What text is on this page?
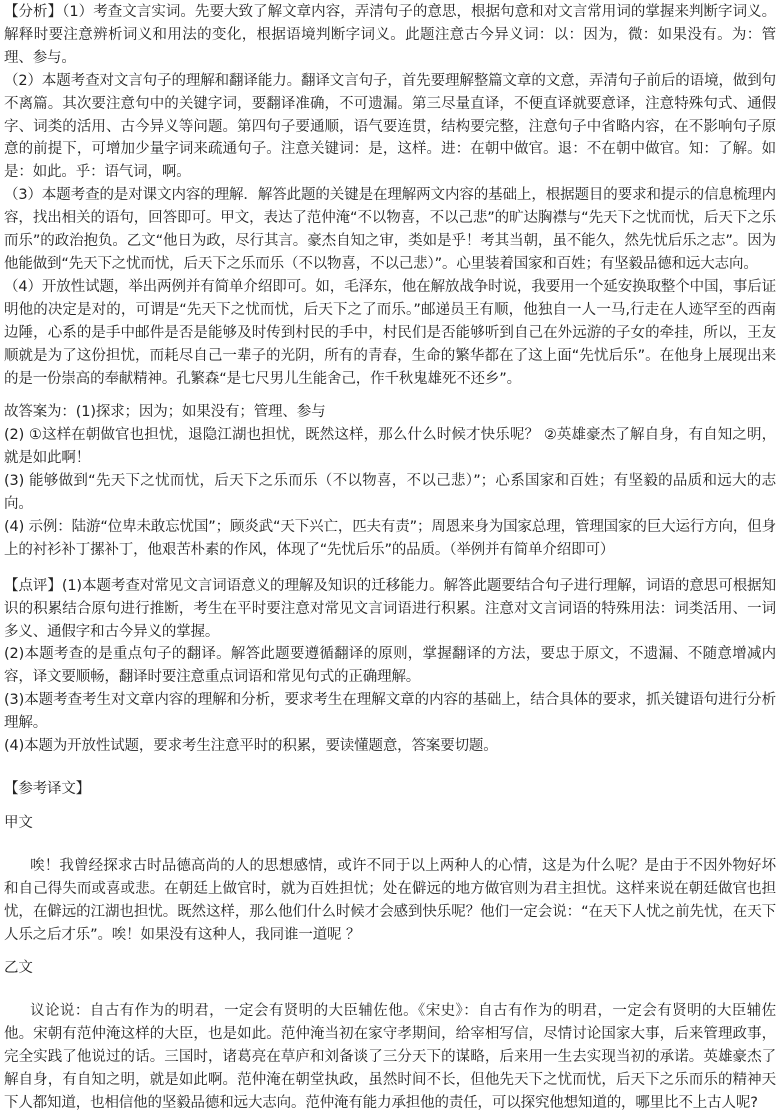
【分析】（1）考查文言实词。先要大致了解文章内容，弄清句子的意思，根据句意和对文言常用词的掌握来判断字词义。解释时要注意辨析词义和用法的变化，根据语境判断字词义。此题注意古今异义词：以：因为，微：如果没有。为：管理、参与。

（2）本题考查对文言句子的理解和翻译能力。翻译文言句子，首先要理解整篇文章的文意，弄清句子前后的语境，做到句不离篇。其次要注意句中的关键字词，要翻译准确，不可遗漏。第三尽量直译，不便直译就要意译，注意特殊句式、通假字、词类的活用、古今异义等问题。第四句子要通顺，语气要连贯，结构要完整，注意句子中省略内容，在不影响句子原意的前提下，可增加少量字词来疏通句子。注意关键词：是，这样。进：在朝中做官。退：不在朝中做官。知：了解。如是：如此。乎：语气词，啊。

（3）本题考查的是对课文内容的理解．解答此题的关键是在理解两文内容的基础上，根据题目的要求和提示的信息梳理内容，找出相关的语句，回答即可。甲文，表达了范仲淹“不以物喜，不以己悲”的旷达胸襟与“先天下之忧而忧，后天下之乐而乐”的政治抱负。乙文“他日为政，尽行其言。豪杰自知之审，类如是乎！考其当朝，虽不能久，然先忧后乐之志”。因为他能做到“先天下之忧而忧，后天下之乐而乐（不以物喜，不以己悲）”。心里装着国家和百姓；有坚毅品德和远大志向。

（4）开放性试题，举出两例并有简单介绍即可。如，毛泽东，他在解放战争时说，我要用一个延安换取整个中国，事后证明他的决定是对的，可谓是“先天下之忧而忧，后天下之了而乐。”邮递员王有顺，他独自一人一马,行走在人迹罕至的西南边陲，心系的是手中邮件是否是能够及时传到村民的手中，村民们是否能够听到自己在外远游的子女的牵挂，所以，王友顺就是为了这份担忧，而耗尽自己一辈子的光阴，所有的青春，生命的繁华都在了这上面“先忧后乐”。在他身上展现出来的是一份崇高的奉献精神。孔繁森“是七尺男儿生能舍己，作千秋鬼雄死不还乡”。

故答案为：(1)探求；因为；如果没有；管理、参与

(2) ①这样在朝做官也担忧，退隐江湖也担忧，既然这样，那么什么时候才快乐呢？ ②英雄豪杰了解自身，有自知之明，就是如此啊！

(3) 能够做到“先天下之忧而忧，后天下之乐而乐（不以物喜，不以己悲）”；心系国家和百姓；有坚毅的品质和远大的志向。

(4) 示例：陆游“位卑未敢忘忧国”；顾炎武“天下兴亡，匹夫有责”；周恩来身为国家总理，管理国家的巨大运行方向，但身上的衬衫补丁摞补丁，他艰苦朴素的作风，体现了“先忧后乐”的品质。（举例并有简单介绍即可）

【点评】(1)本题考查对常见文言词语意义的理解及知识的迁移能力。解答此题要结合句子进行理解，词语的意思可根据知识的积累结合原句进行推断，考生在平时要注意对常见文言词语进行积累。注意对文言词语的特殊用法：词类活用、一词多义、通假字和古今异义的掌握。

(2)本题考查的是重点句子的翻译。解答此题要遵循翻译的原则，掌握翻译的方法，要忠于原文，不遗漏、不随意增减内容，译文要顺畅，翻译时要注意重点词语和常见句式的正确理解。

(3)本题考查考生对文章内容的理解和分析，要求考生在理解文章的内容的基础上，结合具体的要求，抓关键语句进行分析理解。

(4)本题为开放性试题，要求考生注意平时的积累，要读懂题意，答案要切题。

【参考译文】

甲文

唉！我曾经探求古时品德高尚的人的思想感情，或许不同于以上两种人的心情，这是为什么呢？是由于不因外物好坏和自己得失而或喜或悲。在朝廷上做官时，就为百姓担忧；处在僻远的地方做官则为君主担忧。这样来说在朝廷做官也担忧，在僻远的江湖也担忧。既然这样，那么他们什么时候才会感到快乐呢？他们一定会说：“在天下人忧之前先忧，在天下人乐之后才乐”。唉！如果没有这种人，我同谁一道呢 ？

乙文

议论说：自古有作为的明君，一定会有贤明的大臣辅佐他。《宋史》：自古有作为的明君，一定会有贤明的大臣辅佐他。宋朝有范仲淹这样的大臣，也是如此。范仲淹当初在家守孝期间，给宰相写信，尽情讨论国家大事，后来管理政事，完全实践了他说过的话。三国时，诸葛亮在草庐和刘备谈了三分天下的谋略，后来用一生去实现当初的承诺。英雄豪杰了解自身，有自知之明，就是如此啊。范仲淹在朝堂执政，虽然时间不长，但他先天下之忧而忧，后天下之乐而乐的精神天下人都知道，也相信他的坚毅品德和远大志向。范仲淹有能力承担他的责任，可以探究他想知道的，哪里比不上古人呢?
